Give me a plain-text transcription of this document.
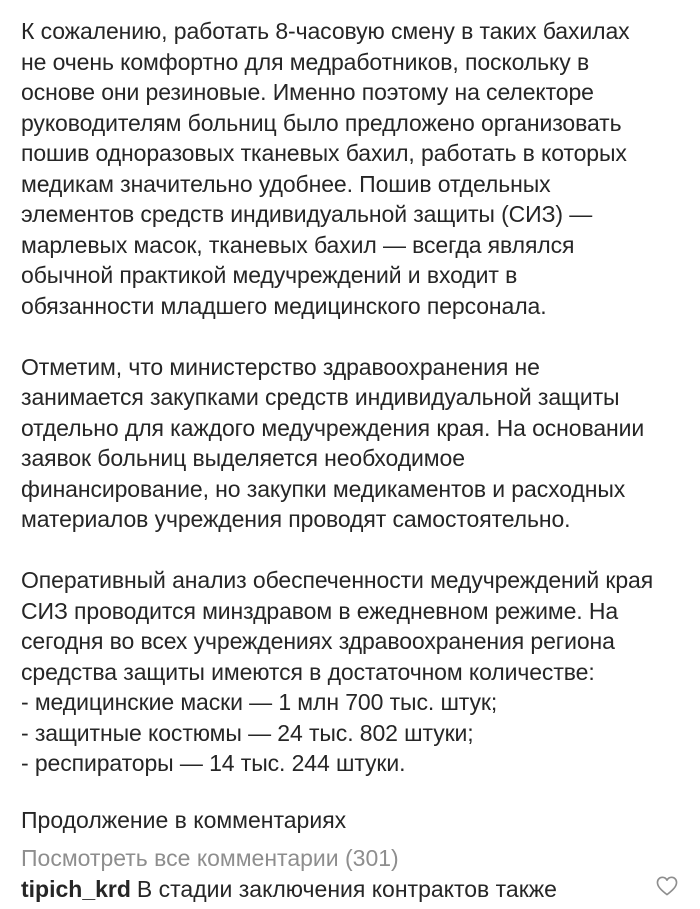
К сожалению, работать 8-часовую смену в таких бахилах
не очень комфортно для медработников, поскольку в
основе они резиновые. Именно поэтому на селекторе
руководителям больниц было предложено организовать
пошив одноразовых тканевых бахил, работать в которых
медикам значительно удобнее. Пошив отдельных
элементов средств индивидуальной защиты (СИЗ) —
марлевых масок, тканевых бахил — всегда являлся
обычной практикой медучреждений и входит в
обязанности младшего медицинского персонала.

Отметим, что министерство здравоохранения не
занимается закупками средств индивидуальной защиты
отдельно для каждого медучреждения края. На основании
заявок больниц выделяется необходимое
финансирование, но закупки медикаментов и расходных
материалов учреждения проводят самостоятельно.

Оперативный анализ обеспеченности медучреждений края
СИЗ проводится минздравом в ежедневном режиме. На
сегодня во всех учреждениях здравоохранения региона
средства защиты имеются в достаточном количестве:
- медицинские маски — 1 млн 700 тыс. штук;
- защитные костюмы — 24 тыс. 802 штуки;
- респираторы — 14 тыс. 244 штуки.

Продолжение в комментариях
Посмотреть все комментарии (301)
tipich_krd В стадии заключения контрактов также
